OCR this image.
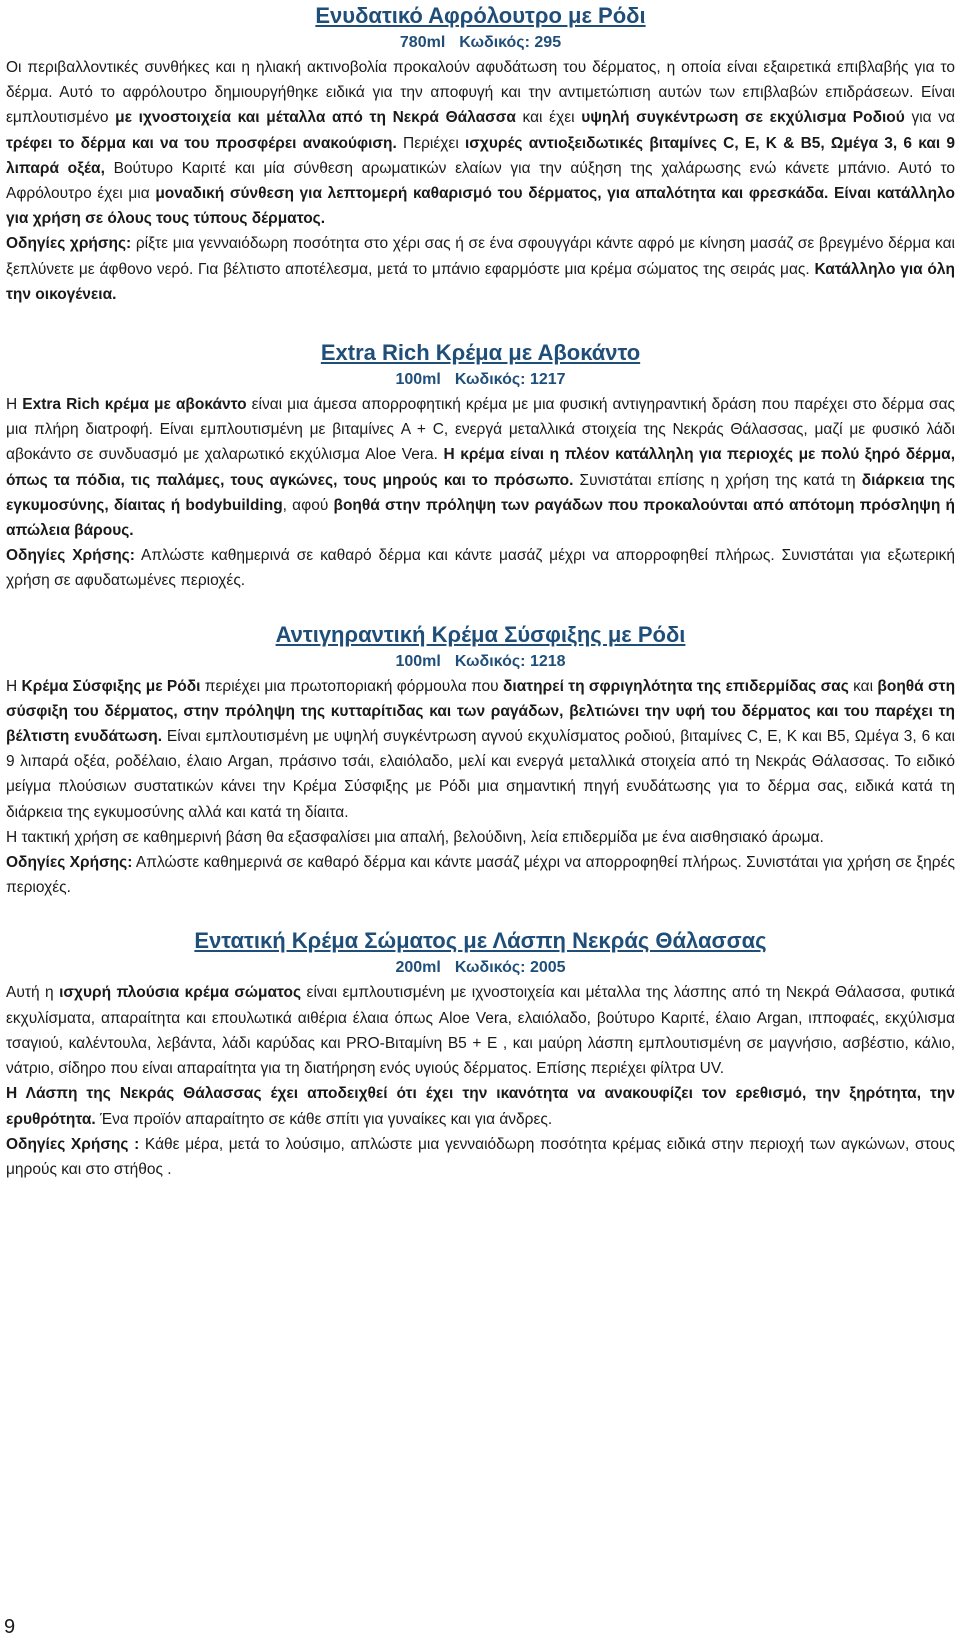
Ενυδατικό Αφρόλουτρο με Ρόδι
780ml Κωδικός: 295

Οι περιβαλλοντικές συνθήκες και η ηλιακή ακτινοβολία προκαλούν αφυδάτωση του δέρματος, η οποία είναι εξαιρετικά επιβλαβής για το δέρμα. Αυτό το αφρόλουτρο δημιουργήθηκε ειδικά για την αποφυγή και την αντιμετώπιση αυτών των επιβλαβών επιδράσεων. Είναι εμπλουτισμένο με ιχνοστοιχεία και μέταλλα από τη Νεκρά Θάλασσα και έχει υψηλή συγκέντρωση σε εκχύλισμα Ροδιού για να τρέφει το δέρμα και να του προσφέρει ανακούφιση. Περιέχει ισχυρές αντιοξειδωτικές βιταμίνες C, E, K & B5, Ωμέγα 3, 6 και 9 λιπαρά οξέα, Βούτυρο Καριτέ και μία σύνθεση αρωματικών ελαίων για την αύξηση της χαλάρωσης ενώ κάνετε μπάνιο. Αυτό το Αφρόλουτρο έχει μια μοναδική σύνθεση για λεπτομερή καθαρισμό του δέρματος, για απαλότητα και φρεσκάδα. Είναι κατάλληλο για χρήση σε όλους τους τύπους δέρματος.

Οδηγίες χρήσης: ρίξτε μια γενναιόδωρη ποσότητα στο χέρι σας ή σε ένα σφουγγάρι κάντε αφρό με κίνηση μασάζ σε βρεγμένο δέρμα και ξεπλύνετε με άφθονο νερό. Για βέλτιστο αποτέλεσμα, μετά το μπάνιο εφαρμόστε μια κρέμα σώματος της σειράς μας. Κατάλληλο για όλη την οικογένεια.

Extra Rich Κρέμα με Αβοκάντο
100ml Κωδικός: 1217

Η Extra Rich κρέμα με αβοκάντο είναι μια άμεσα απορροφητική κρέμα με μια φυσική αντιγηραντική δράση που παρέχει στο δέρμα σας μια πλήρη διατροφή. Είναι εμπλουτισμένη με βιταμίνες A + C, ενεργά μεταλλικά στοιχεία της Νεκράς Θάλασσας, μαζί με φυσικό λάδι αβοκάντο σε συνδυασμό με χαλαρωτικό εκχύλισμα Aloe Vera. Η κρέμα είναι η πλέον κατάλληλη για περιοχές με πολύ ξηρό δέρμα, όπως τα πόδια, τις παλάμες, τους αγκώνες, τους μηρούς και το πρόσωπο. Συνιστάται επίσης η χρήση της κατά τη διάρκεια της εγκυμοσύνης, δίαιτας ή bodybuilding, αφού βοηθά στην πρόληψη των ραγάδων που προκαλούνται από απότομη πρόσληψη ή απώλεια βάρους.

Οδηγίες Χρήσης: Απλώστε καθημερινά σε καθαρό δέρμα και κάντε μασάζ μέχρι να απορροφηθεί πλήρως. Συνιστάται για εξωτερική χρήση σε αφυδατωμένες περιοχές.

Αντιγηραντική Κρέμα Σύσφιξης με Ρόδι
100ml Κωδικός: 1218

Η Κρέμα Σύσφιξης με Ρόδι περιέχει μια πρωτοποριακή φόρμουλα που διατηρεί τη σφριγηλότητα της επιδερμίδας σας και βοηθά στη σύσφιξη του δέρματος, στην πρόληψη της κυτταρίτιδας και των ραγάδων, βελτιώνει την υφή του δέρματος και του παρέχει τη βέλτιστη ενυδάτωση. Είναι εμπλουτισμένη με υψηλή συγκέντρωση αγνού εκχυλίσματος ροδιού, βιταμίνες C, E, K και B5, Ωμέγα 3, 6 και 9 λιπαρά οξέα, ροδέλαιο, έλαιο Argan, πράσινο τσάι, ελαιόλαδο, μελί και ενεργά μεταλλικά στοιχεία από τη Νεκράς Θάλασσας. Το ειδικό μείγμα πλούσιων συστατικών κάνει την Κρέμα Σύσφιξης με Ρόδι μια σημαντική πηγή ενυδάτωσης για το δέρμα σας, ειδικά κατά τη διάρκεια της εγκυμοσύνης αλλά και κατά τη δίαιτα.

Η τακτική χρήση σε καθημερινή βάση θα εξασφαλίσει μια απαλή, βελούδινη, λεία επιδερμίδα με ένα αισθησιακό άρωμα.

Οδηγίες Χρήσης: Απλώστε καθημερινά σε καθαρό δέρμα και κάντε μασάζ μέχρι να απορροφηθεί πλήρως. Συνιστάται για χρήση σε ξηρές περιοχές.

Εντατική Κρέμα Σώματος με Λάσπη Νεκράς Θάλασσας
200ml Κωδικός: 2005

Αυτή η ισχυρή πλούσια κρέμα σώματος είναι εμπλουτισμένη με ιχνοστοιχεία και μέταλλα της λάσπης από τη Νεκρά Θάλασσα, φυτικά εκχυλίσματα, απαραίτητα και επουλωτικά αιθέρια έλαια όπως Aloe Vera, ελαιόλαδο, βούτυρο Καριτέ, έλαιο Argan, ιπποφαές, εκχύλισμα τσαγιού, καλέντουλα, λεβάντα, λάδι καρύδας και PRO-Βιταμίνη Β5 + Ε , και μαύρη λάσπη εμπλουτισμένη σε μαγνήσιο, ασβέστιο, κάλιο, νάτριο, σίδηρο που είναι απαραίτητα για τη διατήρηση ενός υγιούς δέρματος. Επίσης περιέχει φίλτρα UV.

Η Λάσπη της Νεκράς Θάλασσας έχει αποδειχθεί ότι έχει την ικανότητα να ανακουφίζει τον ερεθισμό, την ξηρότητα, την ερυθρότητα. Ένα προϊόν απαραίτητο σε κάθε σπίτι για γυναίκες και για άνδρες.

Οδηγίες Χρήσης : Κάθε μέρα, μετά το λούσιμο, απλώστε μια γενναιόδωρη ποσότητα κρέμας ειδικά στην περιοχή των αγκώνων, στους μηρούς και στο στήθος .

9
